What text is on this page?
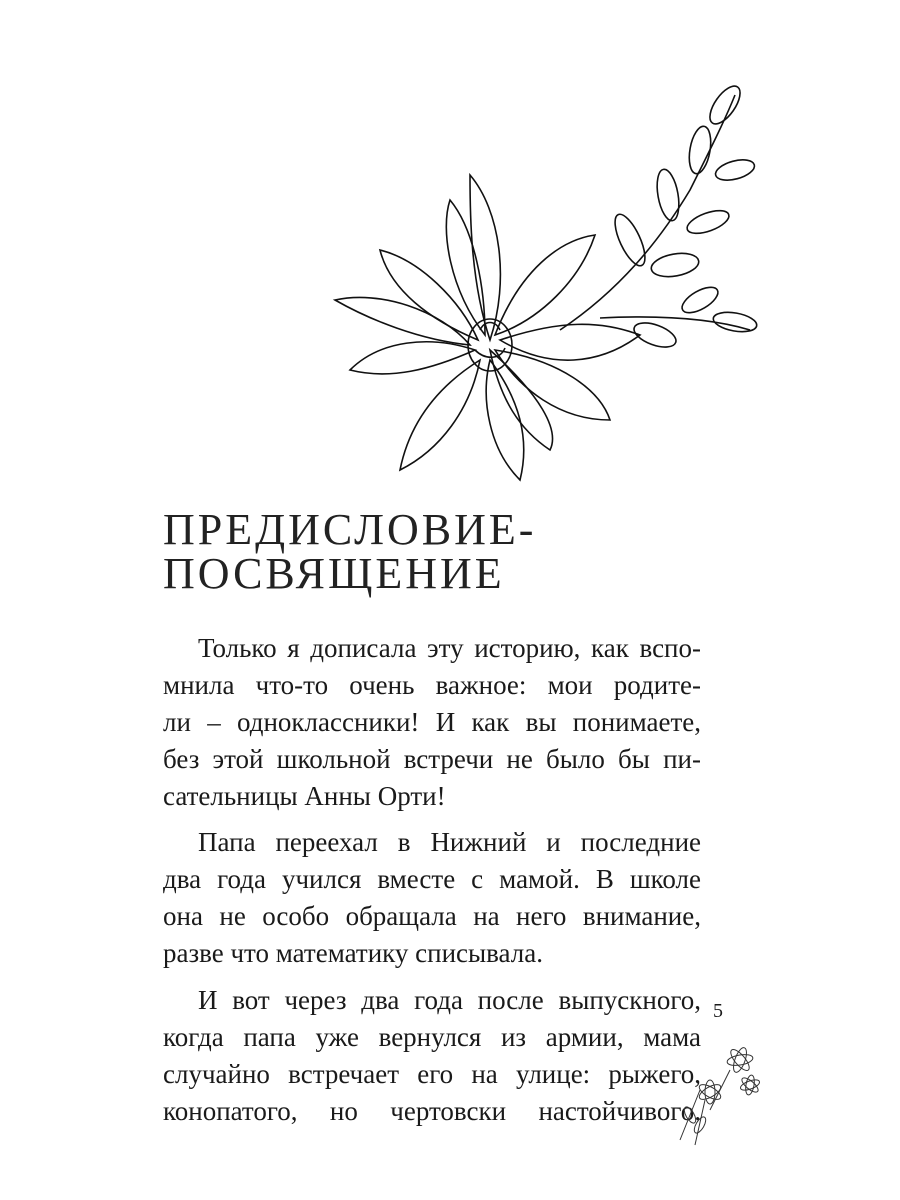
ПРЕДИСЛОВИЕ-
ПОСВЯЩЕНИЕ
Только я дописала эту историю, как вспо-
мнила что-то очень важное: мои родите-
ли – одноклассники! И как вы понимаете,
без этой школьной встречи не было бы пи-
сательницы Анны Орти!
Папа переехал в Нижний и последние
два года учился вместе с мамой. В школе
она не особо обращала на него внимание,
разве что математику списывала.
И вот через два года после выпускного,
когда папа уже вернулся из армии, мама
случайно встречает его на улице: рыжего,
конопатого, но чертовски настойчивого.
5
